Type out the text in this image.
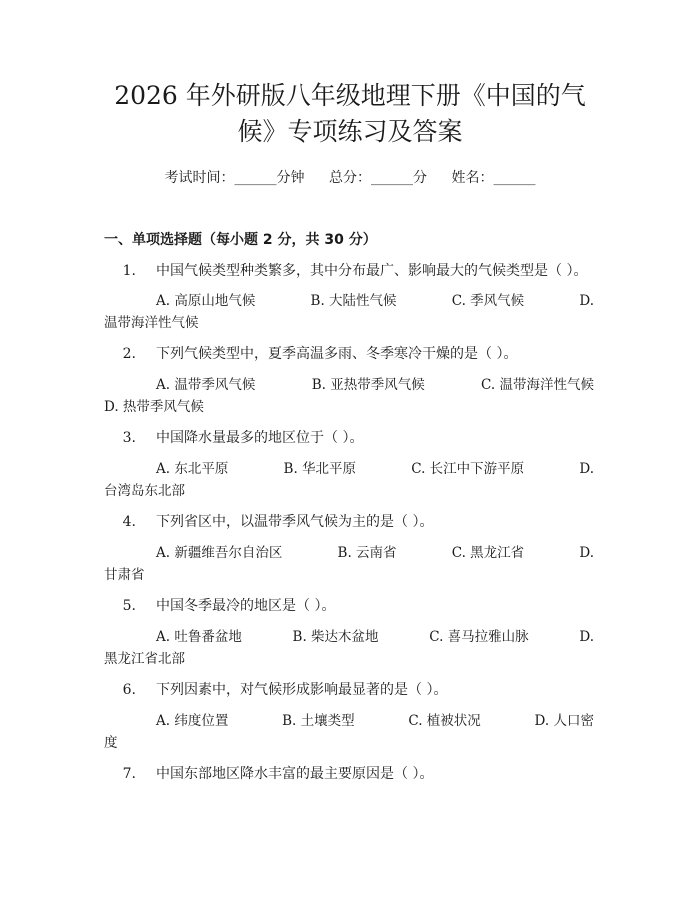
2026 年外研版八年级地理下册《中国的气
候》专项练习及答案
考试时间：______分钟 总分：______分 姓名：______
一、单项选择题（每小题 2 分，共 30 分）
1. 中国气候类型种类繁多，其中分布最广、影响最大的气候类型是（ ）。
A. 高原山地气候	B. 大陆性气候	C. 季风气候	D.
温带海洋性气候
2. 下列气候类型中，夏季高温多雨、冬季寒冷干燥的是（ ）。
A. 温带季风气候	B. 亚热带季风气候	C. 温带海洋性气候
D. 热带季风气候
3. 中国降水量最多的地区位于（ ）。
A. 东北平原	B. 华北平原	C. 长江中下游平原	D.
台湾岛东北部
4. 下列省区中，以温带季风气候为主的是（ ）。
A. 新疆维吾尔自治区	B. 云南省	C. 黑龙江省	D.
甘肃省
5. 中国冬季最冷的地区是（ ）。
A. 吐鲁番盆地	B. 柴达木盆地	C. 喜马拉雅山脉	D.
黑龙江省北部
6. 下列因素中，对气候形成影响最显著的是（ ）。
A. 纬度位置	B. 土壤类型	C. 植被状况	D. 人口密
度
7. 中国东部地区降水丰富的最主要原因是（ ）。
